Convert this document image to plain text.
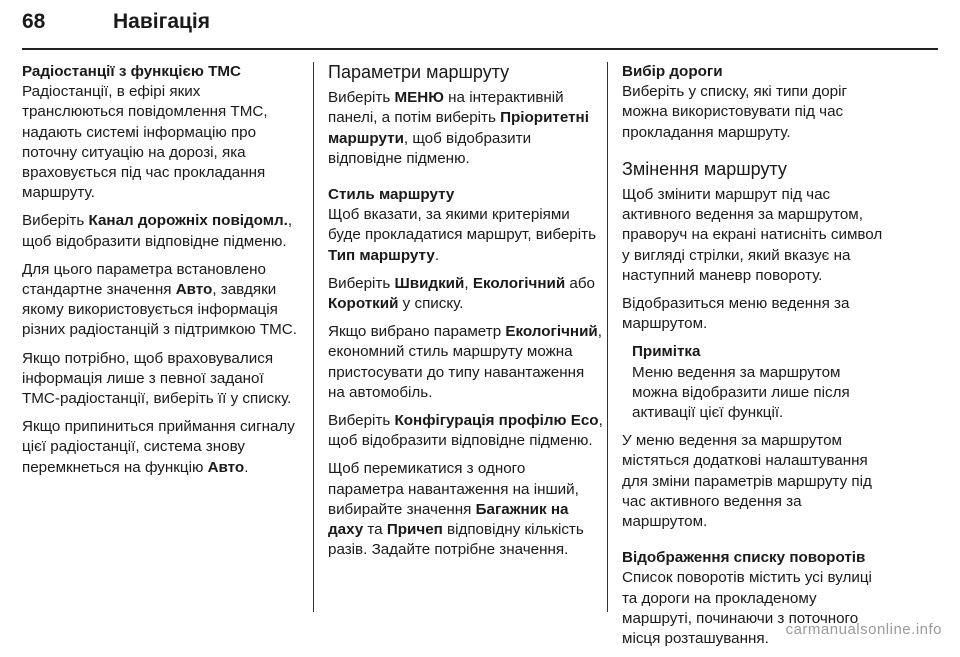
68	Навігація
Радіостанції з функцією TMC

Радіостанції, в ефірі яких транслюються повідомлення TMC, надають системі інформацію про поточну ситуацію на дорозі, яка враховується під час прокладання маршруту.

Виберіть Канал дорожніх повідомл., щоб відобразити відповідне підменю.

Для цього параметра встановлено стандартне значення Авто, завдяки якому використовується інформація різних радіостанцій з підтримкою TMC.

Якщо потрібно, щоб враховувалися інформація лише з певної заданої TMC-радіостанції, виберіть її у списку.

Якщо припиниться приймання сигналу цієї радіостанції, система знову перемкнеться на функцію Авто.

Параметри маршруту

Виберіть МЕНЮ на інтерактивній панелі, а потім виберіть Пріоритетні маршрути, щоб відобразити відповідне підменю.

Стиль маршруту

Щоб вказати, за якими критеріями буде прокладатися маршрут, виберіть Тип маршруту.

Виберіть Швидкий, Екологічний або Короткий у списку.

Якщо вибрано параметр Екологічний, економний стиль маршруту можна пристосувати до типу навантаження на автомобіль.

Виберіть Конфігурація профілю Eco, щоб відобразити відповідне підменю.

Щоб перемикатися з одного параметра навантаження на інший, вибирайте значення Багажник на даху та Причеп відповідну кількість разів. Задайте потрібне значення.

Вибір дороги

Виберіть у списку, які типи доріг можна використовувати під час прокладання маршруту.

Змінення маршруту

Щоб змінити маршрут під час активного ведення за маршрутом, праворуч на екрані натисніть символ у вигляді стрілки, який вказує на наступний маневр повороту.

Відобразиться меню ведення за маршрутом.

Примітка
Меню ведення за маршрутом можна відобразити лише після активації цієї функції.

У меню ведення за маршрутом містяться додаткові налаштування для зміни параметрів маршруту під час активного ведення за маршрутом.

Відображення списку поворотів

Список поворотів містить усі вулиці та дороги на прокладеному маршруті, починаючи з поточного місця розташування.

carmanualsonline.info
